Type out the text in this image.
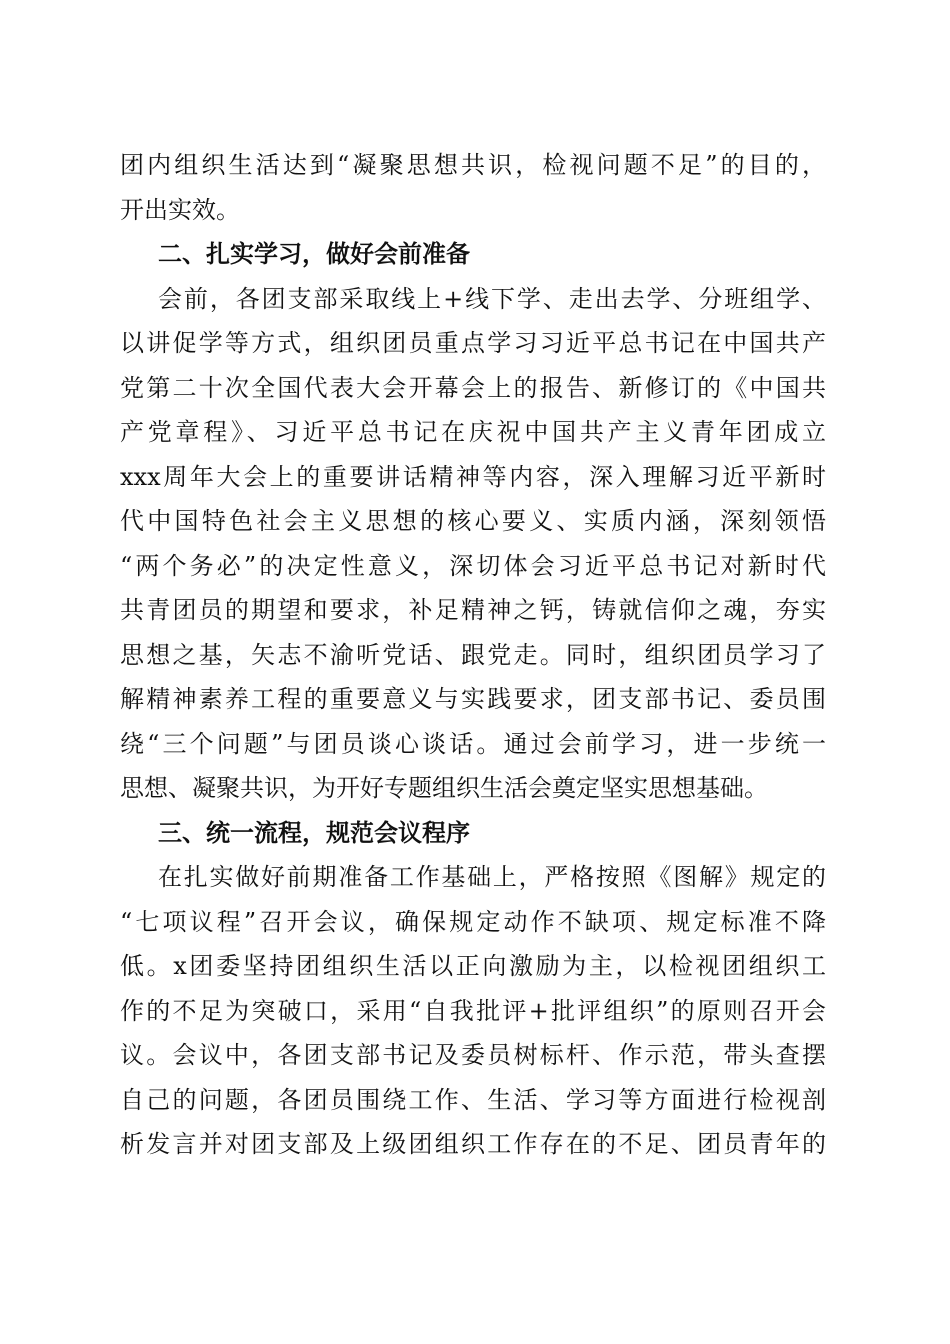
团内组织生活达到“凝聚思想共识，检视问题不足”的目的，
开出实效。
二、扎实学习，做好会前准备
会前，各团支部采取线上+线下学、走出去学、分班组学、
以讲促学等方式，组织团员重点学习习近平总书记在中国共产
党第二十次全国代表大会开幕会上的报告、新修订的《中国共
产党章程》、习近平总书记在庆祝中国共产主义青年团成立
xxx周年大会上的重要讲话精神等内容，深入理解习近平新时
代中国特色社会主义思想的核心要义、实质内涵，深刻领悟
“两个务必”的决定性意义，深切体会习近平总书记对新时代
共青团员的期望和要求，补足精神之钙，铸就信仰之魂，夯实
思想之基，矢志不渝听党话、跟党走。同时，组织团员学习了
解精神素养工程的重要意义与实践要求，团支部书记、委员围
绕“三个问题”与团员谈心谈话。通过会前学习，进一步统一
思想、凝聚共识，为开好专题组织生活会奠定坚实思想基础。
三、统一流程，规范会议程序
在扎实做好前期准备工作基础上，严格按照《图解》规定的
“七项议程”召开会议，确保规定动作不缺项、规定标准不降
低。x团委坚持团组织生活以正向激励为主，以检视团组织工
作的不足为突破口，采用“自我批评+批评组织”的原则召开会
议。会议中，各团支部书记及委员树标杆、作示范，带头查摆
自己的问题，各团员围绕工作、生活、学习等方面进行检视剖
析发言并对团支部及上级团组织工作存在的不足、团员青年的
